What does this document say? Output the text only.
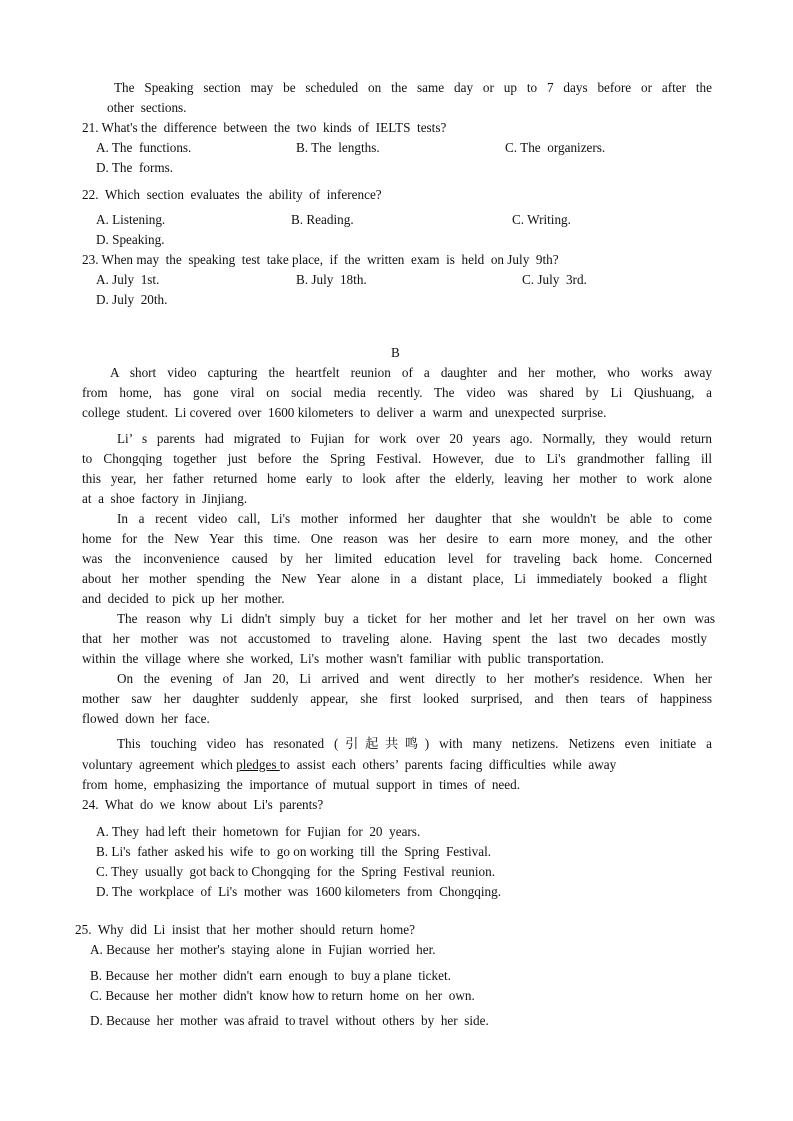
The Speaking section may be scheduled on the same day or up to 7 days before or after the
other  sections.
21. What's the  difference  between  the  two  kinds  of  IELTS  tests?
A. The  functions.	B. The  lengths.	C. The  organizers.
D. The  forms.
22.  Which  section  evaluates  the  ability  of  inference?
A. Listening.	B. Reading.	C. Writing.
D. Speaking.
23. When may  the  speaking  test  take place,  if  the  written  exam  is  held  on July  9th?
A. July  1st.	B. July  18th.	C. July  3rd.
D. July  20th.
B
A short video capturing the heartfelt reunion of a daughter and her mother, who works away
from home, has gone viral on social media recently. The video was shared by Li Qiushuang, a
college  student.  Li covered  over  1600 kilometers  to  deliver  a  warm  and  unexpected  surprise.
Li’ s parents had migrated to Fujian for work over 20 years ago. Normally, they would return
to Chongqing together just before the Spring Festival. However, due to Li's grandmother falling ill
this year, her father returned home early to look after the elderly, leaving her mother to work alone
at  a  shoe  factory  in  Jinjiang.
In a recent video call, Li's mother informed her daughter that she wouldn't be able to come
home for the New Year this time. One reason was her desire to earn more money, and the other
was the inconvenience caused by her limited education level for traveling back home. Concerned
about her mother spending the New Year alone in a distant place, Li immediately booked a flight
and  decided  to  pick  up  her  mother.
The reason why Li didn't simply buy a ticket for her mother and let her travel on her own was
that her mother was not accustomed to traveling alone. Having spent the last two decades mostly
within  the  village  where  she  worked,  Li's  mother  wasn't  familiar  with  public  transportation.
On the evening of Jan 20, Li arrived and went directly to her mother's residence. When her
mother saw her daughter suddenly appear, she first looked surprised, and then tears of happiness
flowed  down  her  face.
This touching video has resonated (引起共鸣) with many netizens. Netizens even initiate a
voluntary  agreement  which pledges to  assist  each  others’  parents  facing  difficulties  while  away
from  home,  emphasizing  the  importance  of  mutual  support  in  times  of  need.
24.  What  do  we  know  about  Li's  parents?
A. They  had left  their  hometown  for  Fujian  for  20  years.
B. Li's  father  asked his  wife  to  go on working  till  the  Spring  Festival.
C. They  usually  got back to Chongqing  for  the  Spring  Festival  reunion.
D. The  workplace  of  Li's  mother  was  1600 kilometers  from  Chongqing.
25.  Why  did  Li  insist  that  her  mother  should  return  home?
A. Because  her  mother's  staying  alone  in  Fujian  worried  her.
B. Because  her  mother  didn't  earn  enough  to  buy a plane  ticket.
C. Because  her  mother  didn't  know how to return  home  on  her  own.
D. Because  her  mother  was afraid  to travel  without  others  by  her  side.
